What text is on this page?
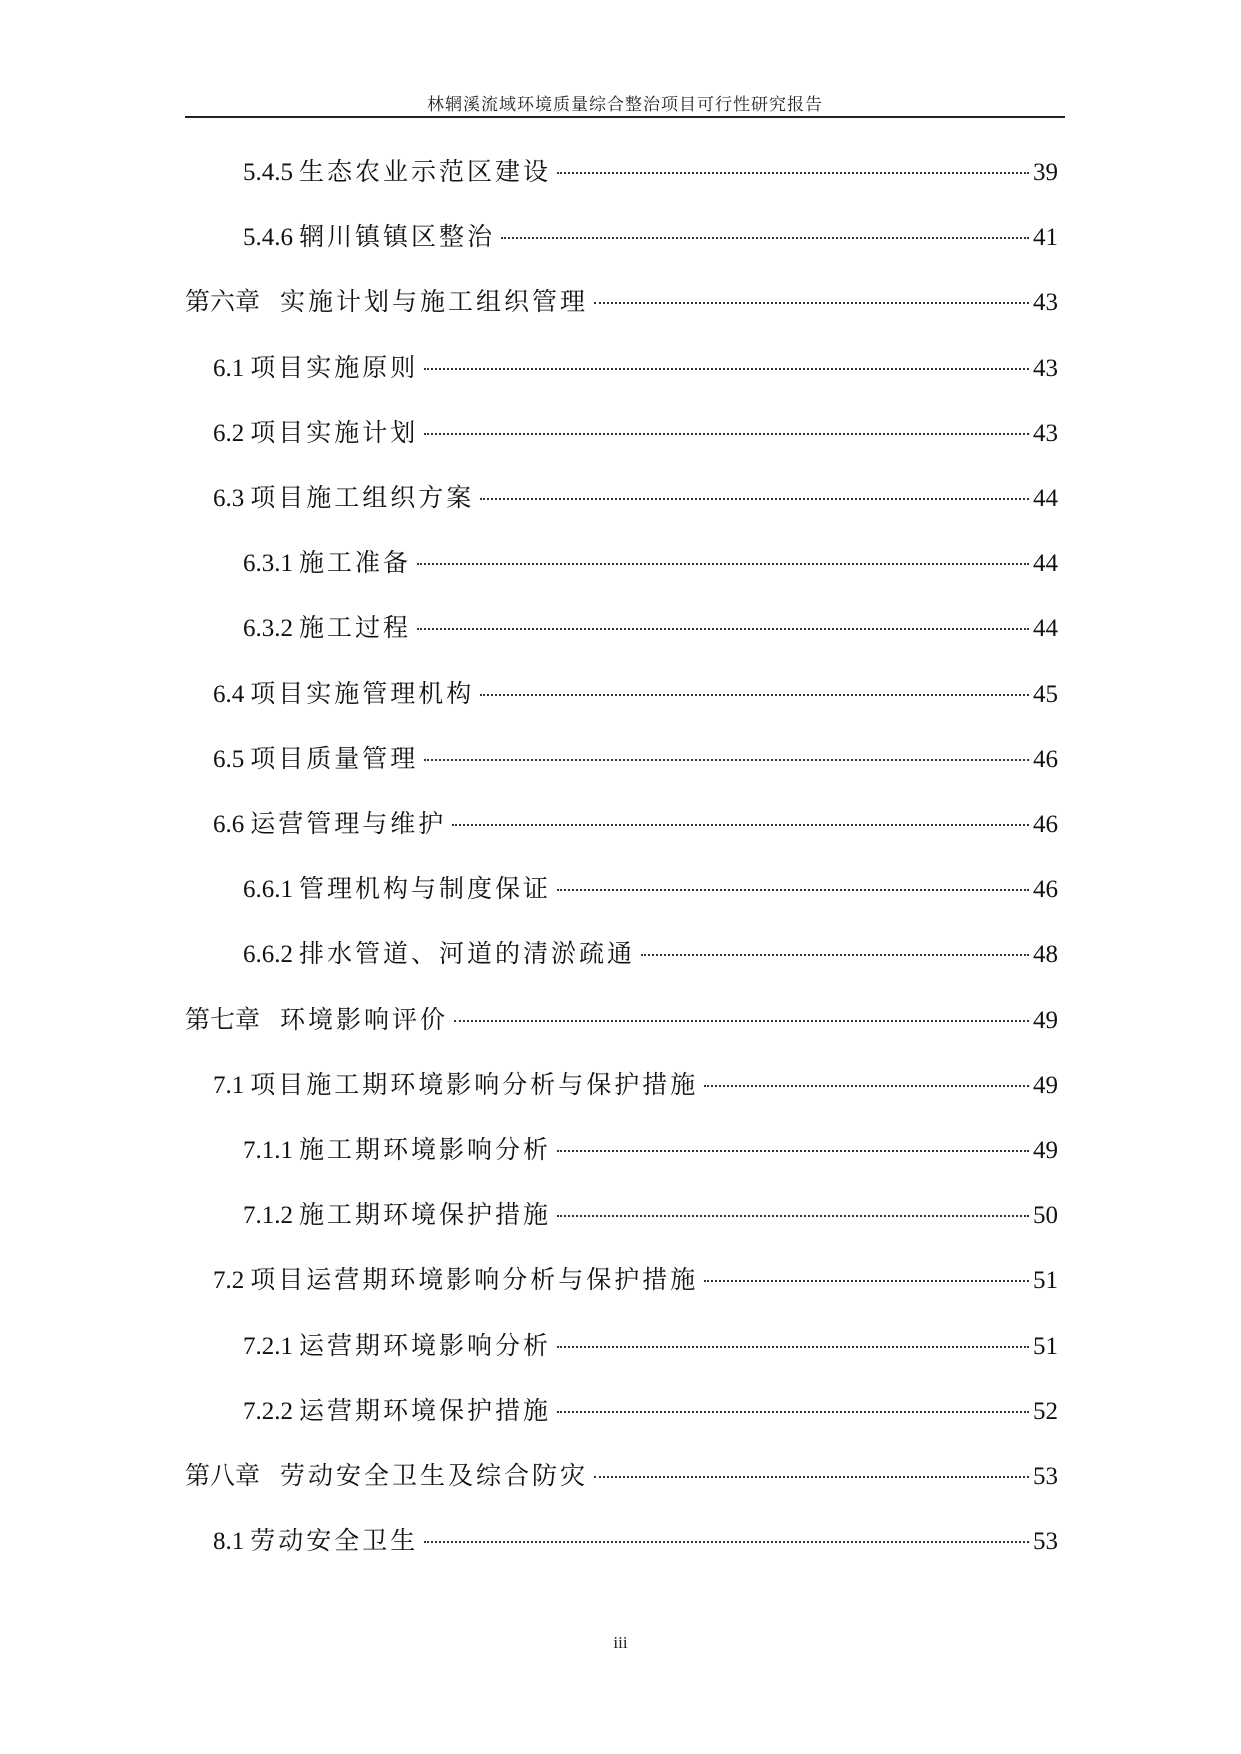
林辋溪流域环境质量综合整治项目可行性研究报告
5.4.5 生态农业示范区建设	39
5.4.6 辋川镇镇区整治	41
第六章 实施计划与施工组织管理	43
6.1 项目实施原则	43
6.2 项目实施计划	43
6.3 项目施工组织方案	44
6.3.1 施工准备	44
6.3.2 施工过程	44
6.4 项目实施管理机构	45
6.5 项目质量管理	46
6.6 运营管理与维护	46
6.6.1 管理机构与制度保证	46
6.6.2 排水管道、河道的清淤疏通	48
第七章 环境影响评价	49
7.1 项目施工期环境影响分析与保护措施	49
7.1.1 施工期环境影响分析	49
7.1.2 施工期环境保护措施	50
7.2 项目运营期环境影响分析与保护措施	51
7.2.1 运营期环境影响分析	51
7.2.2 运营期环境保护措施	52
第八章 劳动安全卫生及综合防灾	53
8.1 劳动安全卫生	53
iii
